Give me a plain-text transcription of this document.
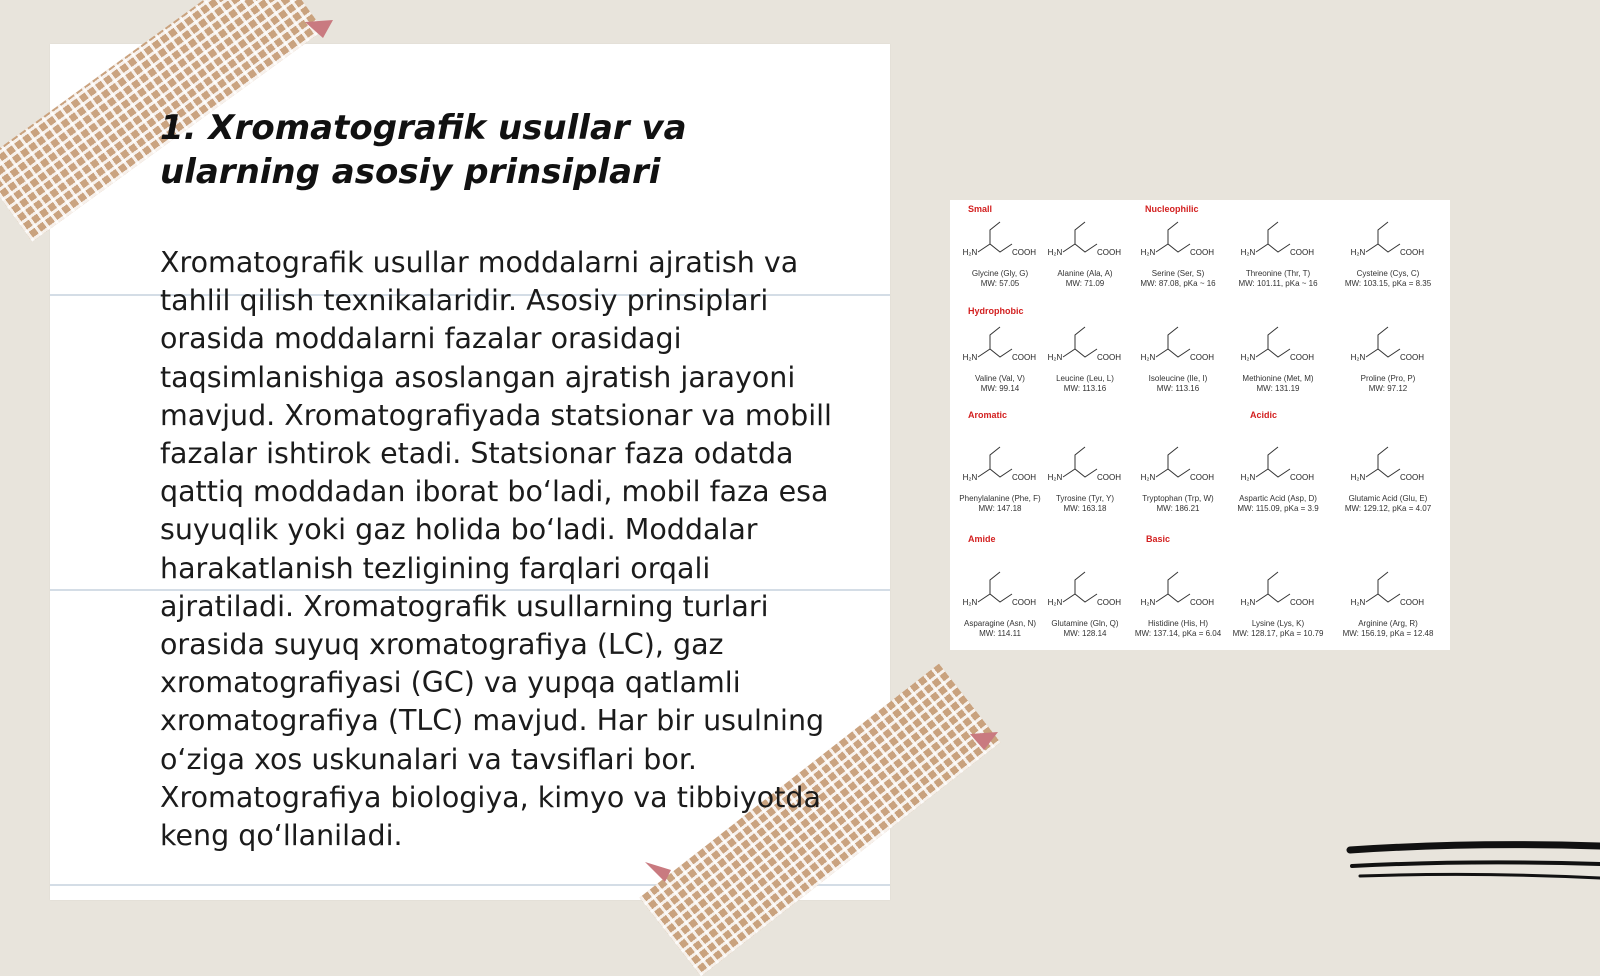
1. Xromatografik usullar va ularning asosiy prinsiplari

Xromatografik usullar moddalarni ajratish va tahlil qilish texnikalaridir. Asosiy prinsiplari orasida moddalarni fazalar orasidagi taqsimlanishiga asoslangan ajratish jarayoni mavjud. Xromatografiyada statsionar va mobill fazalar ishtirok etadi. Statsionar faza odatda qattiq moddadan iborat bo‘ladi, mobil faza esa suyuqlik yoki gaz holida bo‘ladi. Moddalar harakatlanish tezligining farqlari orqali ajratiladi. Xromatografik usullarning turlari orasida suyuq xromatografiya (LC), gaz xromatografiyasi (GC) va yupqa qatlamli xromatografiya (TLC) mavjud. Har bir usulning o‘ziga xos uskunalari va tavsiflari bor. Xromatografiya biologiya, kimyo va tibbiyotda keng qo‘llaniladi.

Small
H₂N	COOH
Glycine (Gly, G)
MW: 57.05
H₂N	COOH
Alanine (Ala, A)
MW: 71.09
Nucleophilic
H₂N	COOH
Serine (Ser, S)
MW: 87.08, pKa ~ 16
H₂N	COOH
Threonine (Thr, T)
MW: 101.11, pKa ~ 16
H₂N	COOH
Cysteine (Cys, C)
MW: 103.15, pKa = 8.35
Hydrophobic
H₂N	COOH
Valine (Val, V)
MW: 99.14
H₂N	COOH
Leucine (Leu, L)
MW: 113.16
H₂N	COOH
Isoleucine (Ile, I)
MW: 113.16
H₂N	COOH
Methionine (Met, M)
MW: 131.19
H₂N	COOH
Proline (Pro, P)
MW: 97.12
Aromatic
H₂N	COOH
Phenylalanine (Phe, F)
MW: 147.18
H₂N	COOH
Tyrosine (Tyr, Y)
MW: 163.18
H₂N	COOH
Tryptophan (Trp, W)
MW: 186.21
Acidic
H₂N	COOH
Aspartic Acid (Asp, D)
MW: 115.09, pKa = 3.9
H₂N	COOH
Glutamic Acid (Glu, E)
MW: 129.12, pKa = 4.07
Amide
H₂N	COOH
Asparagine (Asn, N)
MW: 114.11
H₂N	COOH
Glutamine (Gln, Q)
MW: 128.14
Basic
H₂N	COOH
Histidine (His, H)
MW: 137.14, pKa = 6.04
H₂N	COOH
Lysine (Lys, K)
MW: 128.17, pKa = 10.79
H₂N	COOH
Arginine (Arg, R)
MW: 156.19, pKa = 12.48
